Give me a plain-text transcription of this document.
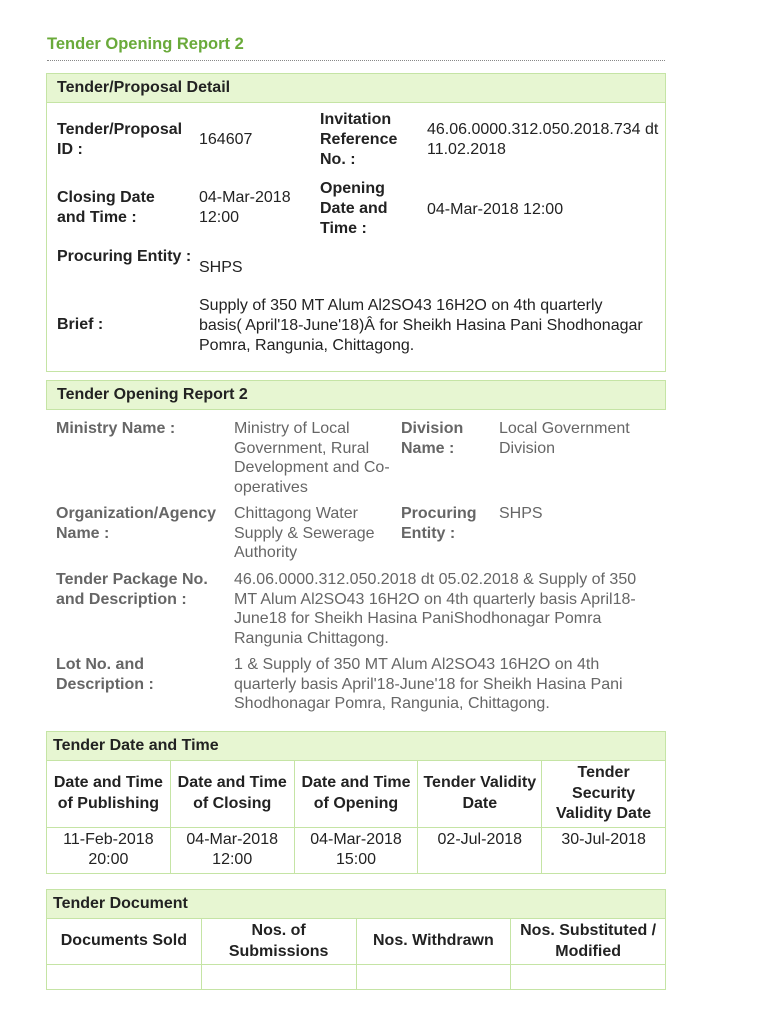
Tender Opening Report 2
Tender/Proposal Detail
Tender/Proposal ID :
164607
Invitation Reference No. :
46.06.0000.312.050.2018.734 dt 11.02.2018
Closing Date and Time :
04-Mar-2018 12:00
Opening Date and Time :
04-Mar-2018 12:00
Procuring Entity :
SHPS
Brief :
Supply of 350 MT Alum Al2SO43 16H2O on 4th quarterly basis( April'18-June'18)Â for Sheikh Hasina Pani Shodhonagar Pomra, Rangunia, Chittagong.
Tender Opening Report 2
Ministry Name :	Ministry of Local Government, Rural Development and Co-operatives
Division Name :
Local Government Division
Organization/Agency Name :
Chittagong Water Supply & Sewerage Authority
Procuring Entity :
SHPS
Tender Package No. and Description :
46.06.0000.312.050.2018 dt 05.02.2018 & Supply of 350 MT Alum Al2SO43 16H2O on 4th quarterly basis April18-June18 for Sheikh Hasina PaniShodhonagar Pomra Rangunia Chittagong.
Lot No. and Description :
1 & Supply of 350 MT Alum Al2SO43 16H2O on 4th quarterly basis April'18-June'18 for Sheikh Hasina Pani Shodhonagar Pomra, Rangunia, Chittagong.
Tender Date and Time
Date and Time of Publishing	Date and Time of Closing	Date and Time of Opening	Tender Validity Date	Tender Security Validity Date
11-Feb-2018 20:00	04-Mar-2018 12:00	04-Mar-2018 15:00	02-Jul-2018	30-Jul-2018
Tender Document
Documents Sold	Nos. of Submissions	Nos. Withdrawn	Nos. Substituted / Modified
